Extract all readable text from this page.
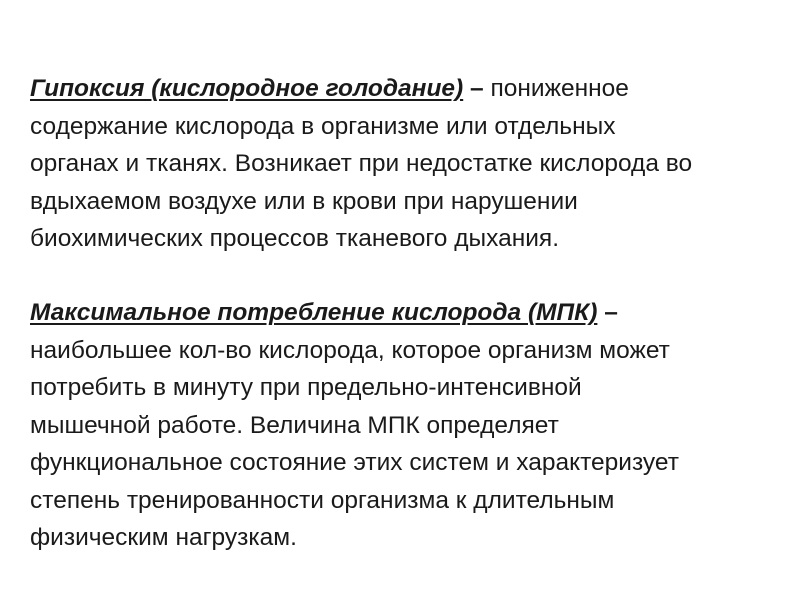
Гипоксия (кислородное голодание) – пониженное
содержание кислорода в организме или отдельных
органах и тканях. Возникает при недостатке кислорода во
вдыхаемом воздухе или в крови при нарушении
биохимических процессов тканевого дыхания.
Максимальное потребление кислорода (МПК) –
наибольшее кол-во кислорода, которое организм может
потребить в минуту при предельно-интенсивной
мышечной работе. Величина МПК определяет
функциональное состояние этих систем и характеризует
степень тренированности организма к длительным
физическим нагрузкам.
